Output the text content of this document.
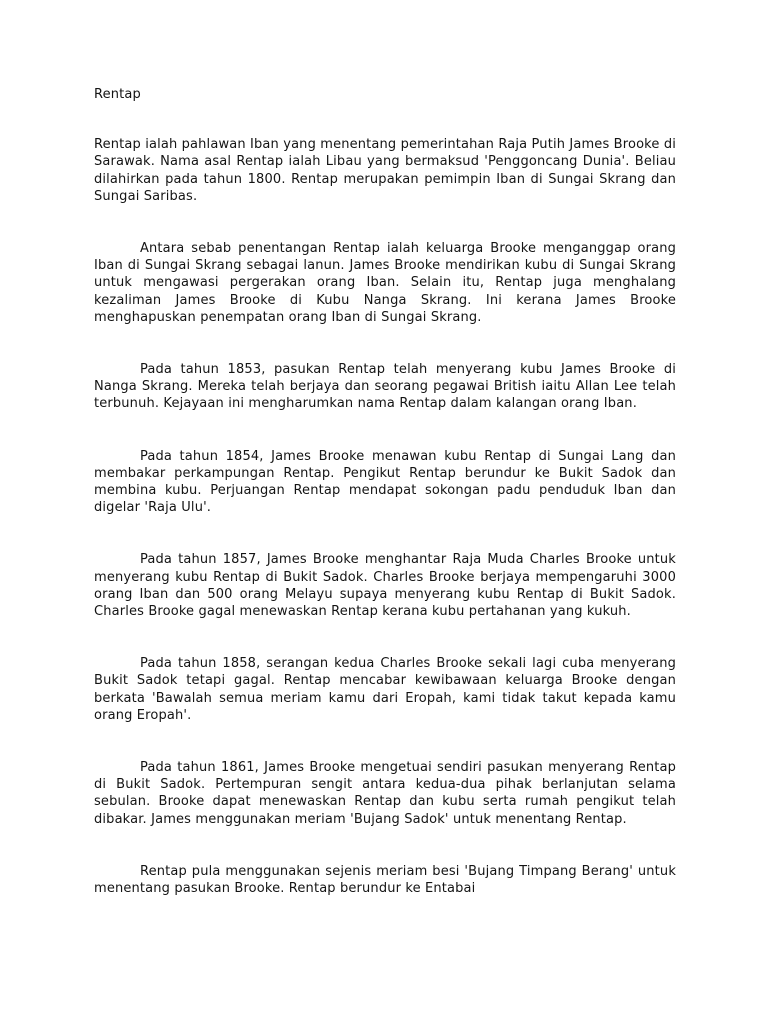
Rentap

Rentap ialah pahlawan Iban yang menentang pemerintahan Raja Putih James Brooke di Sarawak. Nama asal Rentap ialah Libau yang bermaksud 'Penggoncang Dunia'. Beliau dilahirkan pada tahun 1800. Rentap merupakan pemimpin Iban di Sungai Skrang dan Sungai Saribas.

Antara sebab penentangan Rentap ialah keluarga Brooke menganggap orang Iban di Sungai Skrang sebagai lanun. James Brooke mendirikan kubu di Sungai Skrang untuk mengawasi pergerakan orang Iban. Selain itu, Rentap juga menghalang kezaliman James Brooke di Kubu Nanga Skrang. Ini kerana James Brooke menghapuskan penempatan orang Iban di Sungai Skrang.

Pada tahun 1853, pasukan Rentap telah menyerang kubu James Brooke di Nanga Skrang. Mereka telah berjaya dan seorang pegawai British iaitu Allan Lee telah terbunuh. Kejayaan ini mengharumkan nama Rentap dalam kalangan orang Iban.

Pada tahun 1854, James Brooke menawan kubu Rentap di Sungai Lang dan membakar perkampungan Rentap. Pengikut Rentap berundur ke Bukit Sadok dan membina kubu. Perjuangan Rentap mendapat sokongan padu penduduk Iban dan digelar 'Raja Ulu'.

Pada tahun 1857, James Brooke menghantar Raja Muda Charles Brooke untuk menyerang kubu Rentap di Bukit Sadok. Charles Brooke berjaya mempengaruhi 3000 orang Iban dan 500 orang Melayu supaya menyerang kubu Rentap di Bukit Sadok. Charles Brooke gagal menewaskan Rentap kerana kubu pertahanan yang kukuh.

Pada tahun 1858, serangan kedua Charles Brooke sekali lagi cuba menyerang Bukit Sadok tetapi gagal. Rentap mencabar kewibawaan keluarga Brooke dengan berkata 'Bawalah semua meriam kamu dari Eropah, kami tidak takut kepada kamu orang Eropah'.

Pada tahun 1861, James Brooke mengetuai sendiri pasukan menyerang Rentap di Bukit Sadok. Pertempuran sengit antara kedua-dua pihak berlanjutan selama sebulan. Brooke dapat menewaskan Rentap dan kubu serta rumah pengikut telah dibakar. James menggunakan meriam 'Bujang Sadok' untuk menentang Rentap.

Rentap pula menggunakan sejenis meriam besi 'Bujang Timpang Berang' untuk menentang pasukan Brooke. Rentap berundur ke Entabai
